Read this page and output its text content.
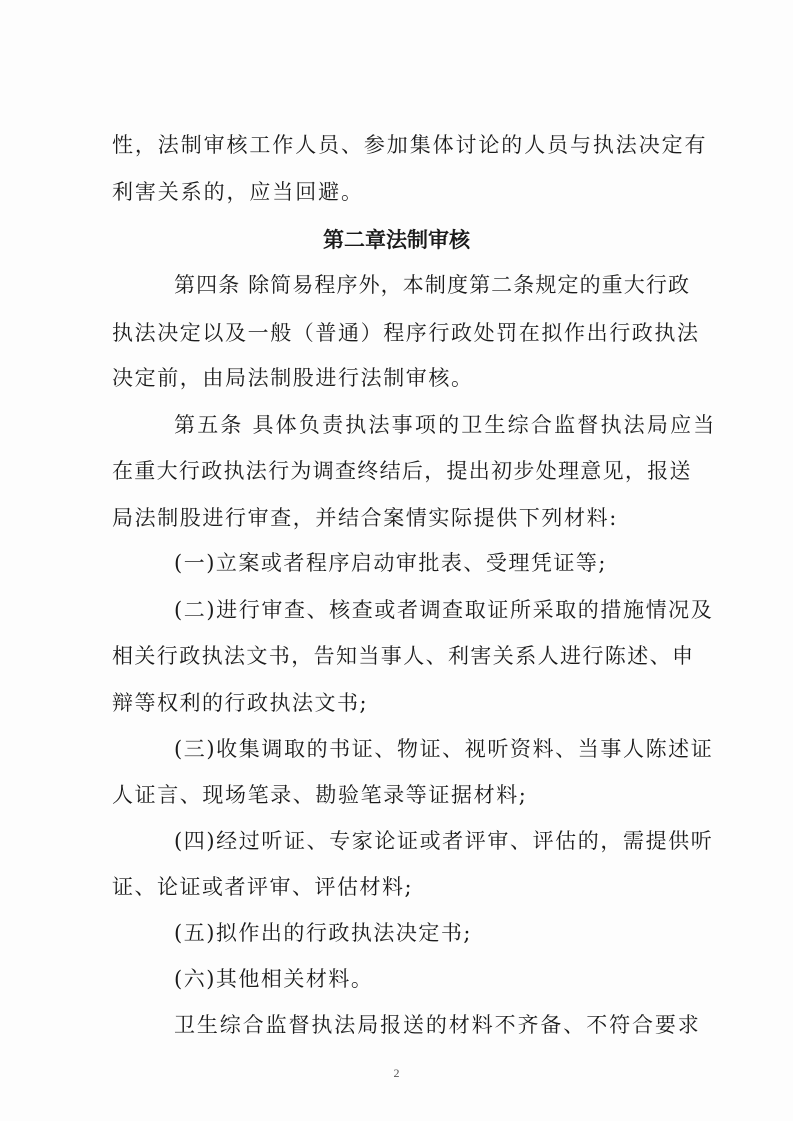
性，法制审核工作人员、参加集体讨论的人员与执法决定有
利害关系的，应当回避。
第二章法制审核
第四条 除简易程序外，本制度第二条规定的重大行政
执法决定以及一般（普通）程序行政处罚在拟作出行政执法
决定前，由局法制股进行法制审核。
第五条 具体负责执法事项的卫生综合监督执法局应当
在重大行政执法行为调查终结后，提出初步处理意见，报送
局法制股进行审查，并结合案情实际提供下列材料:
(一)立案或者程序启动审批表、受理凭证等;
(二)进行审查、核查或者调查取证所采取的措施情况及
相关行政执法文书，告知当事人、利害关系人进行陈述、申
辩等权利的行政执法文书;
(三)收集调取的书证、物证、视听资料、当事人陈述证
人证言、现场笔录、勘验笔录等证据材料;
(四)经过听证、专家论证或者评审、评估的，需提供听
证、论证或者评审、评估材料;
(五)拟作出的行政执法决定书;
(六)其他相关材料。
卫生综合监督执法局报送的材料不齐备、不符合要求
2
